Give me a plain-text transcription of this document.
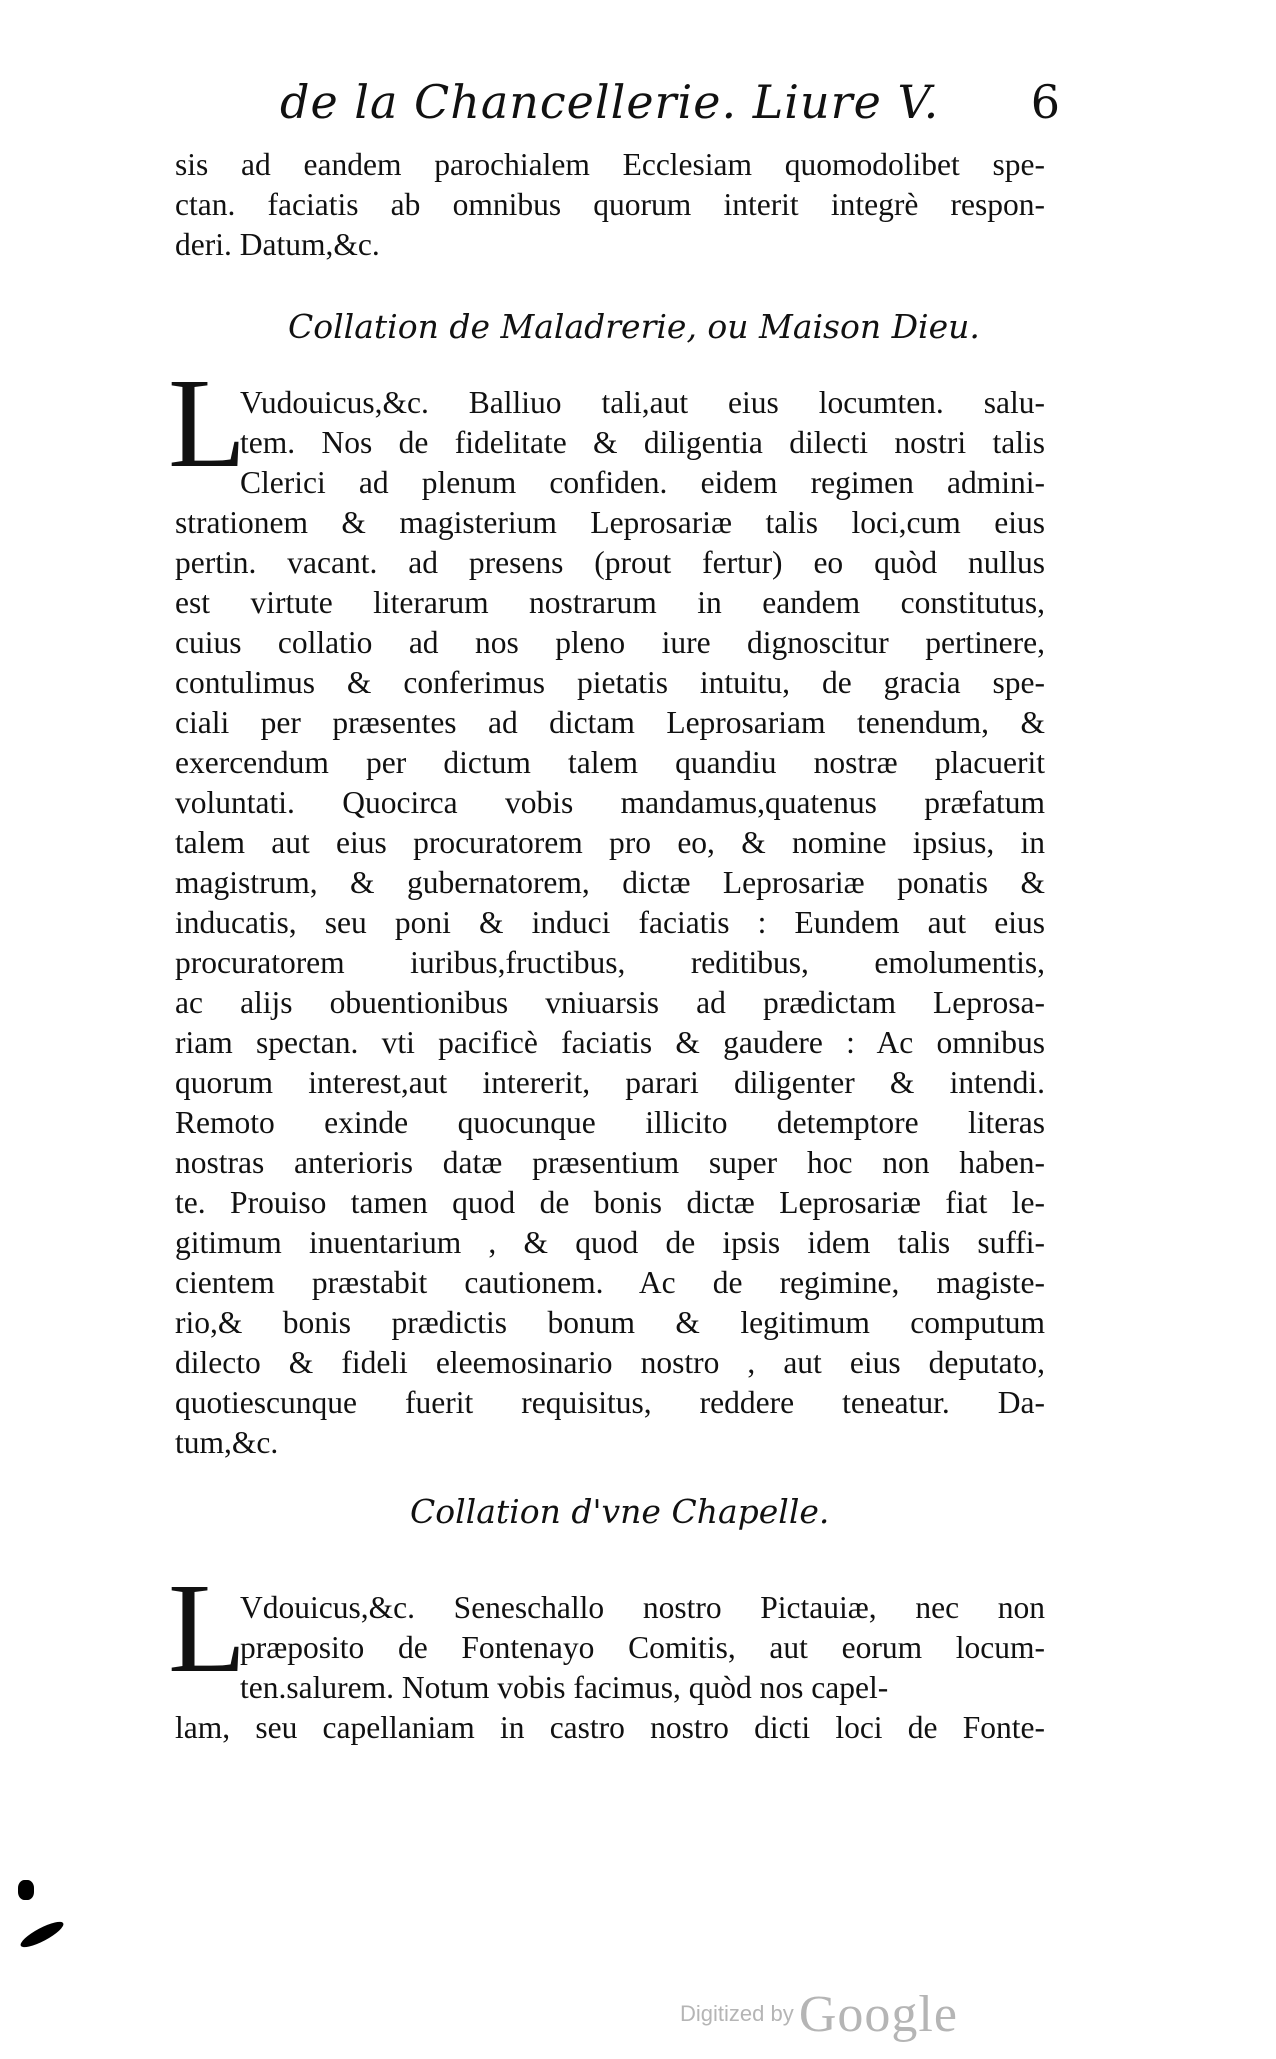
de la Chancellerie. Liure V. 6
sis ad eandem parochialem Ecclesiam quomodolibet spe-
ctan. faciatis ab omnibus quorum interit integrè respon-
deri. Datum,&c.
Collation de Maladrerie, ou Maison Dieu.
L
Vudouicus,&c. Balliuo tali,aut eius locumten. salu-
tem. Nos de fidelitate & diligentia dilecti nostri talis
Clerici ad plenum confiden. eidem regimen admini-
strationem & magisterium Leprosariæ talis loci,cum eius
pertin. vacant. ad presens (prout fertur) eo quòd nullus
est virtute literarum nostrarum in eandem constitutus,
cuius collatio ad nos pleno iure dignoscitur pertinere,
contulimus & conferimus pietatis intuitu, de gracia spe-
ciali per præsentes ad dictam Leprosariam tenendum, &
exercendum per dictum talem quandiu nostræ placuerit
voluntati. Quocirca vobis mandamus,quatenus præfatum
talem aut eius procuratorem pro eo, & nomine ipsius, in
magistrum, & gubernatorem, dictæ Leprosariæ ponatis &
inducatis, seu poni & induci faciatis : Eundem aut eius
procuratorem iuribus,fructibus, reditibus, emolumentis,
ac alijs obuentionibus vniuarsis ad prædictam Leprosa-
riam spectan. vti pacificè faciatis & gaudere : Ac omnibus
quorum interest,aut intererit, parari diligenter & intendi.
Remoto exinde quocunque illicito detemptore literas
nostras anterioris datæ præsentium super hoc non haben-
te. Prouiso tamen quod de bonis dictæ Leprosariæ fiat le-
gitimum inuentarium , & quod de ipsis idem talis suffi-
cientem præstabit cautionem. Ac de regimine, magiste-
rio,& bonis prædictis bonum & legitimum computum
dilecto & fideli eleemosinario nostro , aut eius deputato,
quotiescunque fuerit requisitus, reddere teneatur. Da-
tum,&c.
Collation d'vne Chapelle.
L
Vdouicus,&c. Seneschallo nostro Pictauiæ, nec non
præposito de Fontenayo Comitis, aut eorum locum-
ten.salurem. Notum vobis facimus, quòd nos capel-
lam, seu capellaniam in castro nostro dicti loci de Fonte-
Digitized by Google
